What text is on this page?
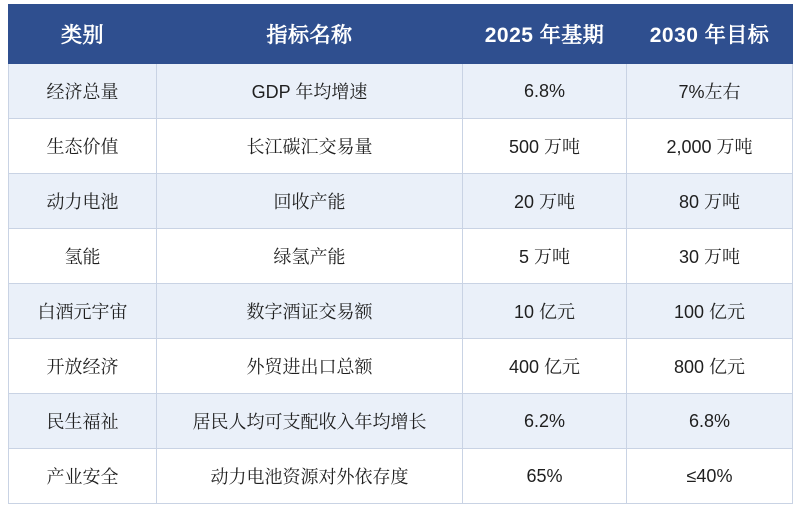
类别	指标名称	2025 年基期	2030 年目标
经济总量	GDP 年均增速	6.8%	7%左右
生态价值	长江碳汇交易量	500 万吨	2,000 万吨
动力电池	回收产能	20 万吨	80 万吨
氢能	绿氢产能	5 万吨	30 万吨
白酒元宇宙	数字酒证交易额	10 亿元	100 亿元
开放经济	外贸进出口总额	400 亿元	800 亿元
民生福祉	居民人均可支配收入年均增长	6.2%	6.8%
产业安全	动力电池资源对外依存度	65%	≤40%
